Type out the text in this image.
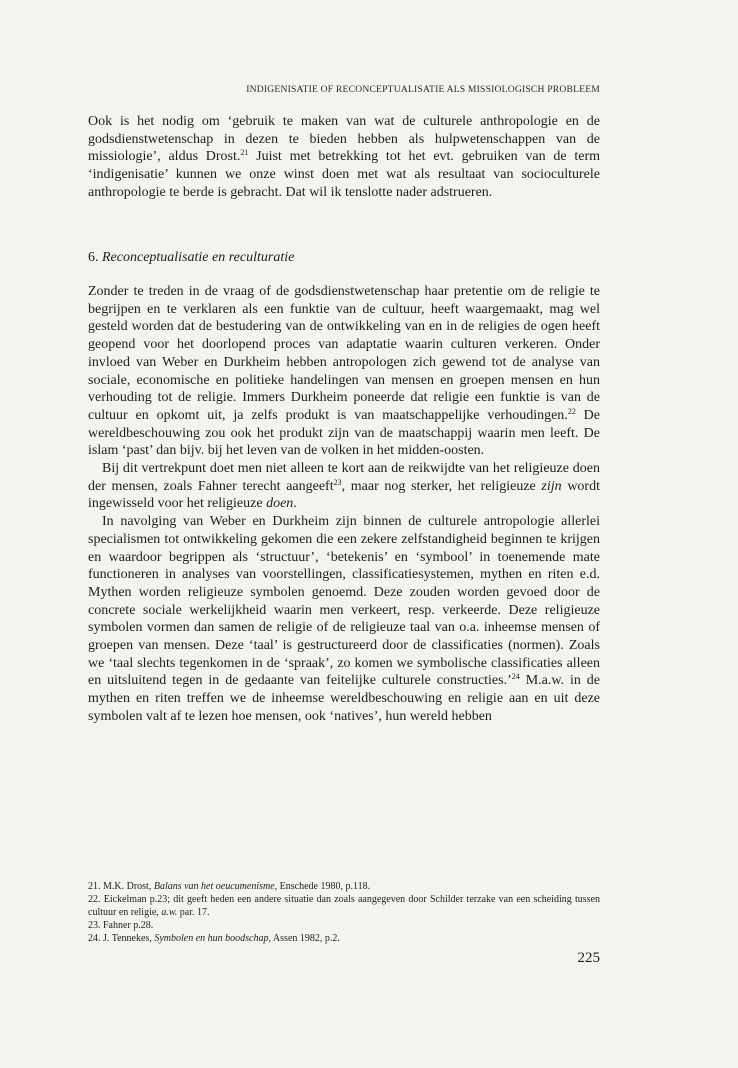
INDIGENISATIE OF RECONCEPTUALISATIE ALS MISSIOLOGISCH PROBLEEM

Ook is het nodig om ‘gebruik te maken van wat de culturele anthropologie en de godsdienstwetenschap in dezen te bieden hebben als hulpwetenschappen van de missiologie’, aldus Drost.$^{21}$ Juist met betrekking tot het evt. gebruiken van de term ‘indigenisatie’ kunnen we onze winst doen met wat als resultaat van socioculturele anthropologie te berde is gebracht. Dat wil ik tenslotte nader adstrueren.

6. Reconceptualisatie en reculturatie

Zonder te treden in de vraag of de godsdienstwetenschap haar pretentie om de religie te begrijpen en te verklaren als een funktie van de cultuur, heeft waargemaakt, mag wel gesteld worden dat de bestudering van de ontwikkeling van en in de religies de ogen heeft geopend voor het doorlopend proces van adaptatie waarin culturen verkeren. Onder invloed van Weber en Durkheim hebben antropologen zich gewend tot de analyse van sociale, economische en politieke handelingen van mensen en groepen mensen en hun verhouding tot de religie. Immers Durkheim poneerde dat religie een funktie is van de cultuur en opkomt uit, ja zelfs produkt is van maatschappelijke verhoudingen.$^{22}$ De wereldbeschouwing zou ook het produkt zijn van de maatschappij waarin men leeft. De islam ‘past’ dan bijv. bij het leven van de volken in het midden-oosten.

Bij dit vertrekpunt doet men niet alleen te kort aan de reikwijdte van het religieuze doen der mensen, zoals Fahner terecht aangeeft$^{23}$, maar nog sterker, het religieuze zijn wordt ingewisseld voor het religieuze doen.

In navolging van Weber en Durkheim zijn binnen de culturele antropologie allerlei specialismen tot ontwikkeling gekomen die een zekere zelfstandigheid beginnen te krijgen en waardoor begrippen als ‘structuur’, ‘betekenis’ en ‘symbool’ in toenemende mate functioneren in analyses van voorstellingen, classificatiesystemen, mythen en riten e.d. Mythen worden religieuze symbolen genoemd. Deze zouden worden gevoed door de concrete sociale werkelijkheid waarin men verkeert, resp. verkeerde. Deze religieuze symbolen vormen dan samen de religie of de religieuze taal van o.a. inheemse mensen of groepen van mensen. Deze ‘taal’ is gestructureerd door de classificaties (normen). Zoals we ‘taal slechts tegenkomen in de ‘spraak’, zo komen we symbolische classificaties alleen en uitsluitend tegen in de gedaante van feitelijke culturele constructies.’$^{24}$ M.a.w. in de mythen en riten treffen we de inheemse wereldbeschouwing en religie aan en uit deze symbolen valt af te lezen hoe mensen, ook ‘natives’, hun wereld hebben

21. M.K. Drost, Balans van het oeucumenisme, Enschede 1980, p.118.
22. Eickelman p.23; dit geeft heden een andere situatie dan zoals aangegeven door Schilder terzake van een scheiding tussen cultuur en religie, a.w. par. 17.
23. Fahner p.28.
24. J. Tennekes, Symbolen en hun boodschap, Assen 1982, p.2.
225
